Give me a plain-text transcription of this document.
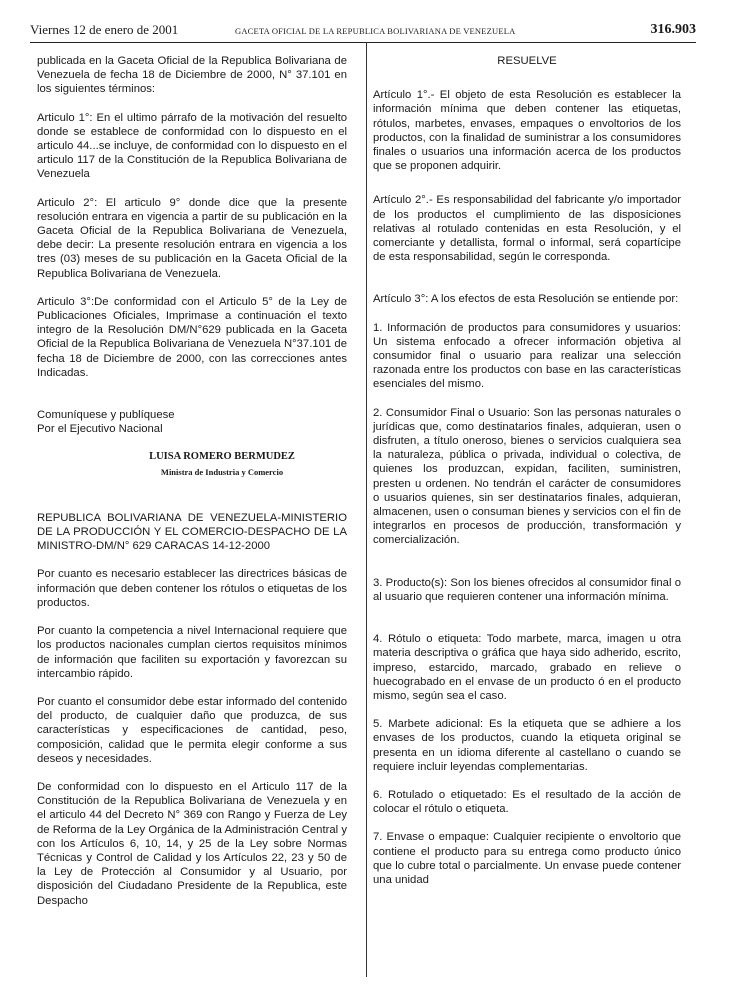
Viernes 12 de enero de 2001	GACETA OFICIAL DE LA REPUBLICA BOLIVARIANA DE VENEZUELA	316.903

publicada en la Gaceta Oficial de la Republica Bolivariana de Venezuela de fecha 18 de Diciembre de 2000, N° 37.101 en los siguientes términos:

Articulo 1°: En el ultimo párrafo de la motivación del resuelto donde se establece de conformidad con lo dispuesto en el articulo 44...se incluye, de conformidad con lo dispuesto en el articulo 117 de la Constitución de la Republica Bolivariana de Venezuela

Articulo 2°: El articulo 9° donde dice que la presente resolución entrara en vigencia a partir de su publicación en la Gaceta Oficial de la Republica Bolivariana de Venezuela, debe decir: La presente resolución entrara en vigencia a los tres (03) meses de su publicación en la Gaceta Oficial de la Republica Bolivariana de Venezuela.

Articulo 3°:De conformidad con el Articulo 5° de la Ley de Publicaciones Oficiales, Imprimase a continuación el texto integro de la Resolución DM/N°629 publicada en la Gaceta Oficial de la Republica Bolivariana de Venezuela N°37.101 de fecha 18 de Diciembre de 2000, con las correcciones antes Indicadas.

Comuníquese y publíquese

Por el Ejecutivo Nacional

LUISA ROMERO BERMUDEZ
Ministra de Industria y Comercio

REPUBLICA BOLIVARIANA DE VENEZUELA-MINISTERIO DE LA PRODUCCIÓN Y EL COMERCIO-DESPACHO DE LA MINISTRO-DM/N° 629 CARACAS 14-12-2000

Por cuanto es necesario establecer las directrices básicas de información que deben contener los rótulos o etiquetas de los productos.

Por cuanto la competencia a nivel Internacional requiere que los productos nacionales cumplan ciertos requisitos mínimos de información que faciliten su exportación y favorezcan su intercambio rápido.

Por cuanto el consumidor debe estar informado del contenido del producto, de cualquier daño que produzca, de sus características y especificaciones de cantidad, peso, composición, calidad que le permita elegir conforme a sus deseos y necesidades.

De conformidad con lo dispuesto en el Articulo 117 de la Constitución de la Republica Bolivariana de Venezuela y en el articulo 44 del Decreto N° 369 con Rango y Fuerza de Ley de Reforma de la Ley Orgánica de la Administración Central y con los Artículos 6, 10, 14, y 25 de la Ley sobre Normas Técnicas y Control de Calidad y los Artículos 22, 23 y 50 de la Ley de Protección al Consumidor y al Usuario, por disposición del Ciudadano Presidente de la Republica, este Despacho

RESUELVE

Artículo 1°.- El objeto de esta Resolución es establecer la información mínima que deben contener las etiquetas, rótulos, marbetes, envases, empaques o envoltorios de los productos, con la finalidad de suministrar a los consumidores finales o usuarios una información acerca de los productos que se proponen adquirir.

Artículo 2°.- Es responsabilidad del fabricante y/o importador de los productos el cumplimiento de las disposiciones relativas al rotulado contenidas en esta Resolución, y el comerciante y detallista, formal o informal, será copartícipe de esta responsabilidad, según le corresponda.

Artículo 3°: A los efectos de esta Resolución se entiende por:

1. Información de productos para consumidores y usuarios: Un sistema enfocado a ofrecer información objetiva al consumidor final o usuario para realizar una selección razonada entre los productos con base en las características esenciales del mismo.

2. Consumidor Final o Usuario: Son las personas naturales o jurídicas que, como destinatarios finales, adquieran, usen o disfruten, a título oneroso, bienes o servicios cualquiera sea la naturaleza, pública o privada, individual o colectiva, de quienes los produzcan, expidan, faciliten, suministren, presten u ordenen. No tendrán el carácter de consumidores o usuarios quienes, sin ser destinatarios finales, adquieran, almacenen, usen o consuman bienes y servicios con el fin de integrarlos en procesos de producción, transformación y comercialización.

3. Producto(s): Son los bienes ofrecidos al consumidor final o al usuario que requieren contener una información mínima.

4. Rótulo o etiqueta: Todo marbete, marca, imagen u otra materia descriptiva o gráfica que haya sido adherido, escrito, impreso, estarcido, marcado, grabado en relieve o huecograbado en el envase de un producto ó en el producto mismo, según sea el caso.

5. Marbete adicional: Es la etiqueta que se adhiere a los envases de los productos, cuando la etiqueta original se presenta en un idioma diferente al castellano o cuando se requiere incluir leyendas complementarias.

6. Rotulado o etiquetado: Es el resultado de la acción de colocar el rótulo o etiqueta.

7. Envase o empaque: Cualquier recipiente o envoltorio que contiene el producto para su entrega como producto único que lo cubre total o parcialmente. Un envase puede contener una unidad
